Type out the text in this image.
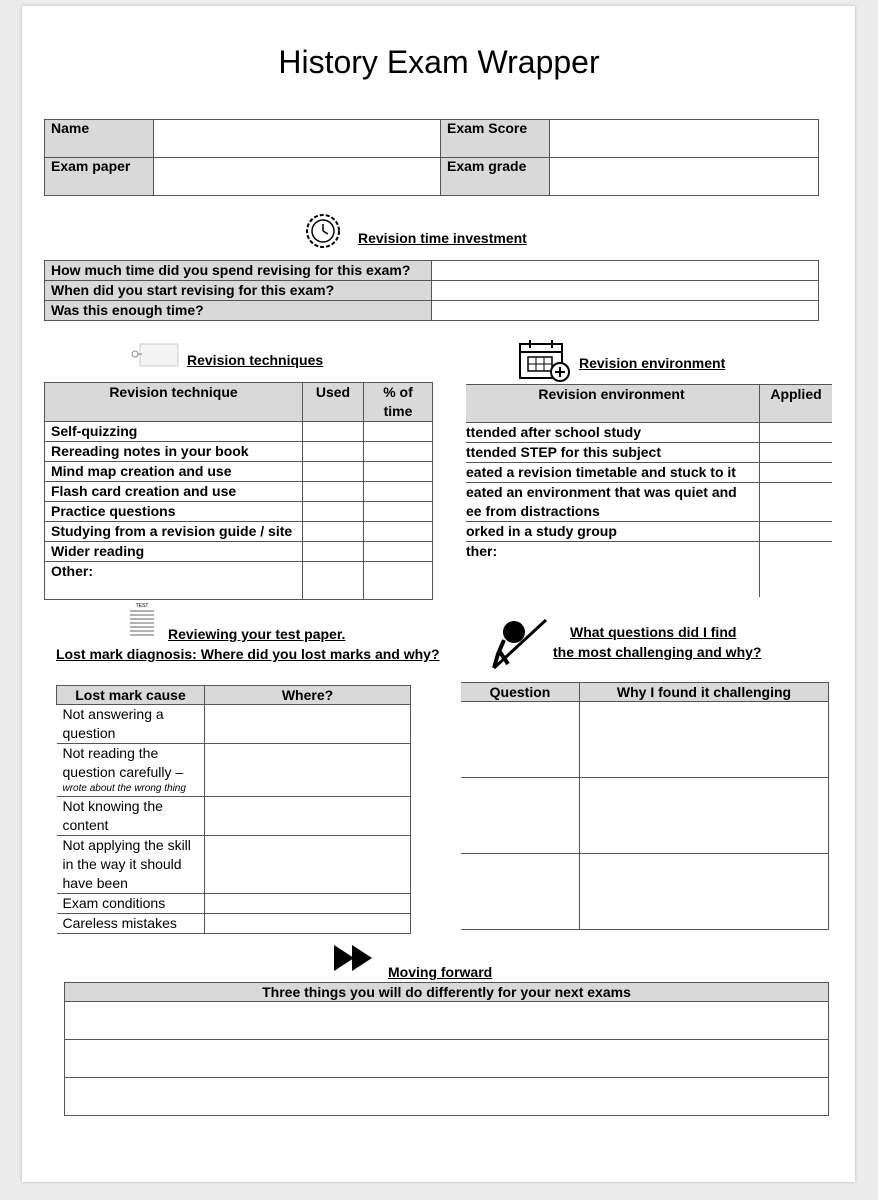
History Exam Wrapper
Name		Exam Score	
Exam paper		Exam grade	
Revision time investment
How much time did you spend revising for this exam?	
When did you start revising for this exam?	
Was this enough time?	
Revision techniques
Revision technique	Used	% of time
Self-quizzing		
Rereading notes in your book		
Mind map creation and use		
Flash card creation and use		
Practice questions		
Studying from a revision guide / site		
Wider reading		
Other:		
Revision environment
Revision environment	Applied
ttended after school study	
ttended STEP for this subject	
eated a revision timetable and stuck to it	
eated an environment that was quiet and ee from distractions	
orked in a study group	
ther:	
TEST
Reviewing your test paper.
Lost mark diagnosis: Where did you lost marks and why?
Lost mark cause	Where?
Not answering a question	
Not reading the question carefully –
wrote about the wrong thing	

Not knowing the content	
Not applying the skill in the way it should have been	
Exam conditions	
Careless mistakes	
What questions did I find
the most challenging and why?
Question	Why I found it challenging

Moving forward
Three things you will do differently for your next exams
